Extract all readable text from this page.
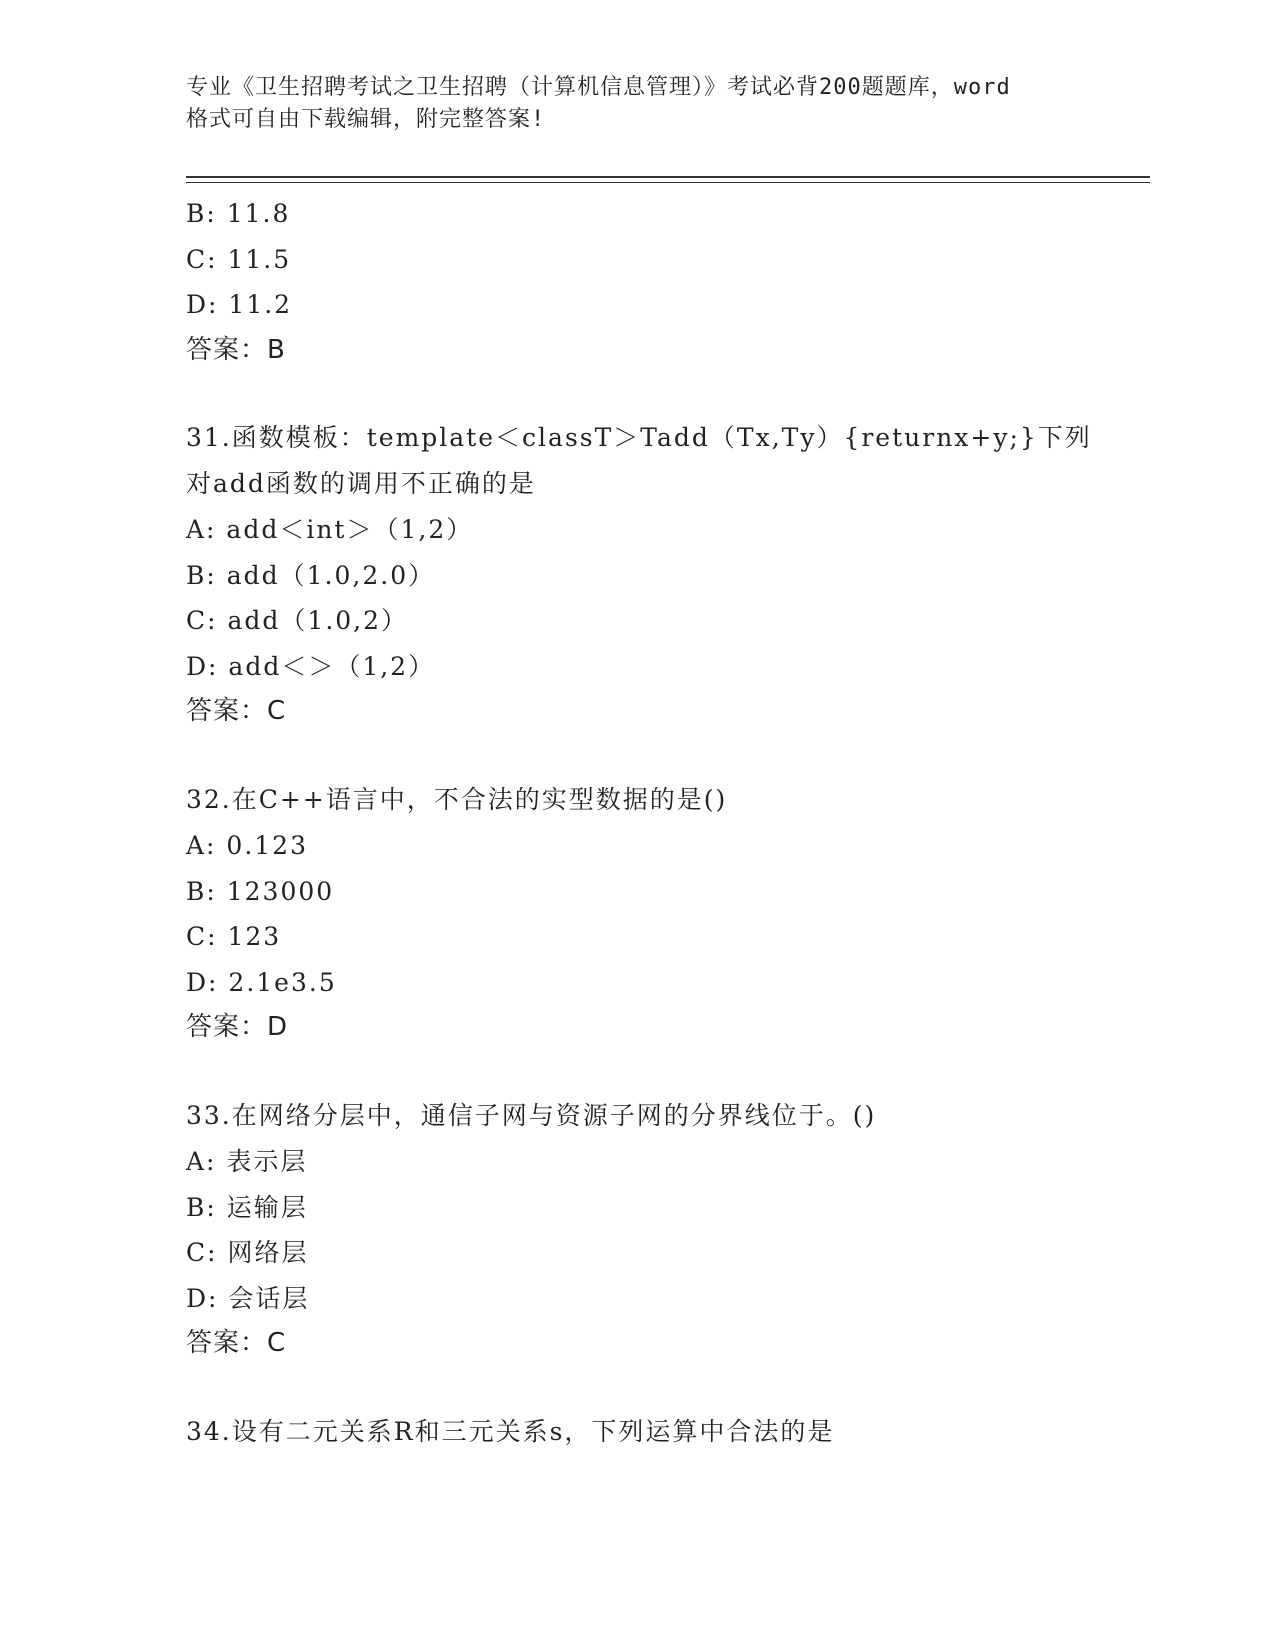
专业《卫生招聘考试之卫生招聘（计算机信息管理）》考试必背200题题库，word
格式可自由下载编辑，附完整答案!
B: 11.8
C: 11.5
D: 11.2
答案：B
31.函数模板：template＜classT＞Tadd（Tx,Ty）{returnx+y;}下列
对add函数的调用不正确的是
A: add＜int＞（1,2）
B: add（1.0,2.0）
C: add（1.0,2）
D: add＜＞（1,2）
答案：C
32.在C++语言中，不合法的实型数据的是()
A: 0.123
B: 123000
C: 123
D: 2.1e3.5
答案：D
33.在网络分层中，通信子网与资源子网的分界线位于。()
A: 表示层
B: 运输层
C: 网络层
D: 会话层
答案：C
34.设有二元关系R和三元关系s，下列运算中合法的是
